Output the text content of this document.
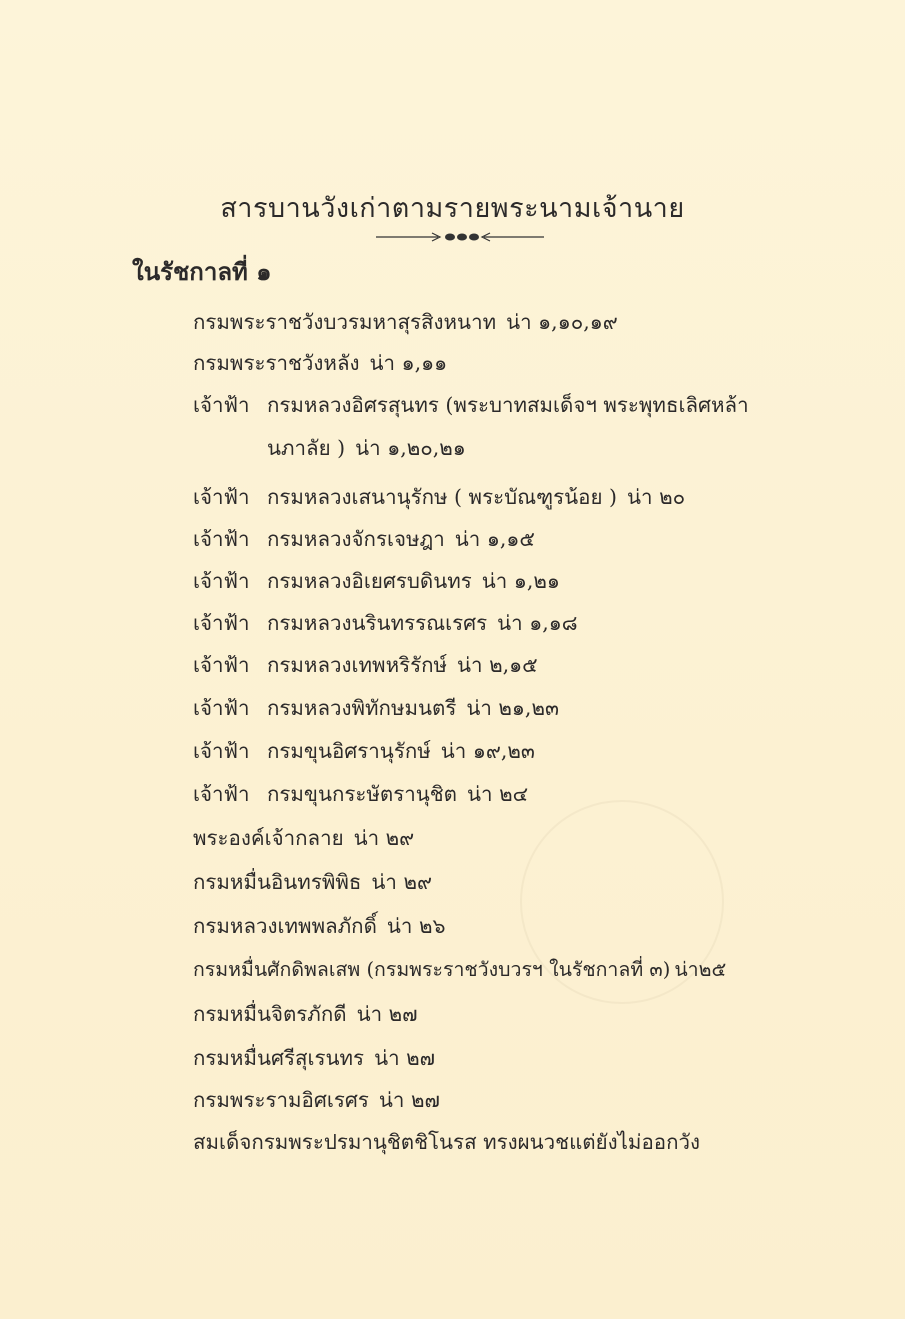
สารบานวังเก่าตามรายพระนามเจ้านาย
ในรัชกาลที่ ๑
กรมพระราชวังบวรมหาสุรสิงหนาท น่า ๑,๑๐,๑๙
กรมพระราชวังหลัง น่า ๑,๑๑
เจ้าฟ้า กรมหลวงอิศรสุนทร (พระบาทสมเด็จฯ พระพุทธเลิศหล้า
นภาลัย ) น่า ๑,๒๐,๒๑
เจ้าฟ้า กรมหลวงเสนานุรักษ ( พระบัณฑูรน้อย ) น่า ๒๐
เจ้าฟ้า กรมหลวงจักรเจษฎา น่า ๑,๑๕
เจ้าฟ้า กรมหลวงอิเยศรบดินทร น่า ๑,๒๑
เจ้าฟ้า กรมหลวงนรินทรรณเรศร น่า ๑,๑๘
เจ้าฟ้า กรมหลวงเทพหริรักษ์ น่า ๒,๑๕
เจ้าฟ้า กรมหลวงพิทักษมนตรี น่า ๒๑,๒๓
เจ้าฟ้า กรมขุนอิศรานุรักษ์ น่า ๑๙,๒๓
เจ้าฟ้า กรมขุนกระษัตรานุชิต น่า ๒๔
พระองค์เจ้ากลาย น่า ๒๙
กรมหมื่นอินทรพิพิธ น่า ๒๙
กรมหลวงเทพพลภักดิ์ น่า ๒๖
กรมหมื่นศักดิพลเสพ (กรมพระราชวังบวรฯ ในรัชกาลที่ ๓) น่า๒๕
กรมหมื่นจิตรภักดี น่า ๒๗
กรมหมื่นศรีสุเรนทร น่า ๒๗
กรมพระรามอิศเรศร น่า ๒๗
สมเด็จกรมพระปรมานุชิตชิโนรส ทรงผนวชแต่ยังไม่ออกวัง
